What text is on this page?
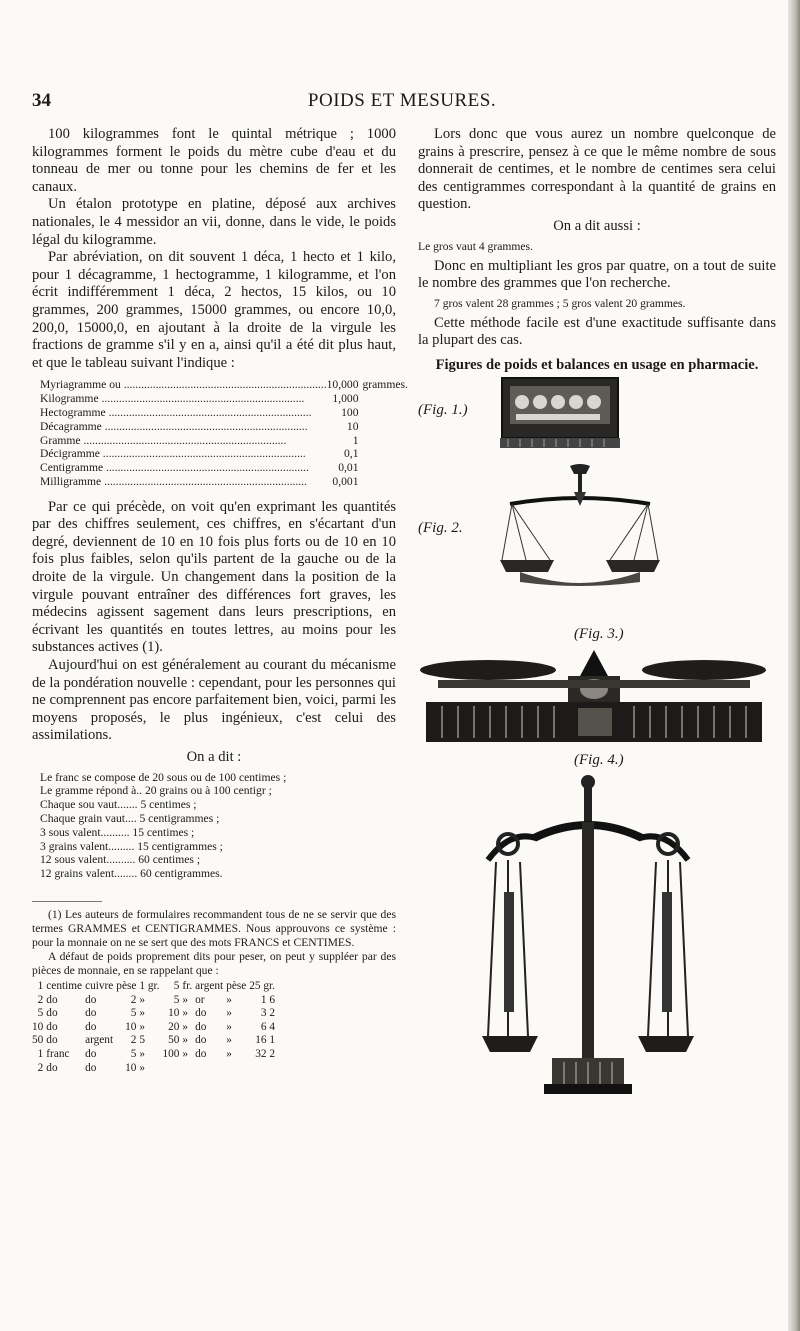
34	POIDS ET MESURES.

100 kilogrammes font le quintal métrique ; 1000 kilogrammes forment le poids du mètre cube d'eau et du tonneau de mer ou tonne pour les chemins de fer et les canaux.

Un étalon prototype en platine, déposé aux archives nationales, le 4 messidor an vii, donne, dans le vide, le poids légal du kilogramme.

Par abréviation, on dit souvent 1 déca, 1 hecto et 1 kilo, pour 1 décagramme, 1 hectogramme, 1 kilogramme, et l'on écrit indifféremment 1 déca, 2 hectos, 15 kilos, ou 10 grammes, 200 grammes, 15000 grammes, ou encore 10,0, 200,0, 15000,0, en ajoutant à la droite de la virgule les fractions de gramme s'il y en a, ainsi qu'il a été dit plus haut, et que le tableau suivant l'indique :

Myriagramme ou .....	10,000	grammes.
Kilogramme .....	1,000	
Hectogramme .....	100	
Décagramme .....	10	
Gramme .....	1	
Décigramme .....	0,1	
Centigramme .....	0,01	
Milligramme .....	0,001	

Par ce qui précède, on voit qu'en exprimant les quantités par des chiffres seulement, ces chiffres, en s'écartant d'un degré, deviennent de 10 en 10 fois plus forts ou de 10 en 10 fois plus faibles, selon qu'ils partent de la gauche ou de la droite de la virgule. Un changement dans la position de la virgule pouvant entraîner des différences fort graves, les médecins agissent sagement dans leurs prescriptions, en écrivant les quantités en toutes lettres, au moins pour les substances actives (1).

Aujourd'hui on est généralement au courant du mécanisme de la pondération nouvelle : cependant, pour les personnes qui ne comprennent pas encore parfaitement bien, voici, parmi les moyens proposés, le plus ingénieux, c'est celui des assimilations.

On a dit :

Le franc se compose de 20 sous ou de 100 centimes ;
Le gramme répond à.. 20 grains ou à 100 centigr ;
Chaque sou vaut....... 5 centimes ;
Chaque grain vaut.... 5 centigrammes ;
3 sous valent.......... 15 centimes ;
3 grains valent......... 15 centigrammes ;
12 sous valent.......... 60 centimes ;
12 grains valent........ 60 centigrammes.

(1) Les auteurs de formulaires recommandent tous de ne se servir que des termes GRAMMES et CENTIGRAMMES. Nous approuvons ce système : pour la monnaie on ne se sert que des mots FRANCS et CENTIMES.

A défaut de poids proprement dits pour peser, on peut y suppléer par des pièces de monnaie, en se rappelant que :

1	centime	cuivre	pèse	1 gr.	5	fr.	argent	pèse	25 gr.
2	do	do	2	»	5	»	or	»	1 6
5	do	do	5	»	10	»	do	»	3 2
10	do	do	10	»	20	»	do	»	6 4
50	do	argent	2	5	50	»	do	»	16 1
1	franc	do	5	»	100	»	do	»	32 2
2	do	do	10	»					

Lors donc que vous aurez un nombre quelconque de grains à prescrire, pensez à ce que le même nombre de sous donnerait de centimes, et le nombre de centimes sera celui des centigrammes correspondant à la quantité de grains en question.

On a dit aussi :

Le gros vaut 4 grammes.

Donc en multipliant les gros par quatre, on a tout de suite le nombre des grammes que l'on recherche.

7 gros valent 28 grammes ; 5 gros valent 20 grammes.

Cette méthode facile est d'une exactitude suffisante dans la plupart des cas.

Figures de poids et balances en usage en pharmacie.

(Fig. 1.)
(Fig. 2.
(Fig. 3.)
(Fig. 4.)
